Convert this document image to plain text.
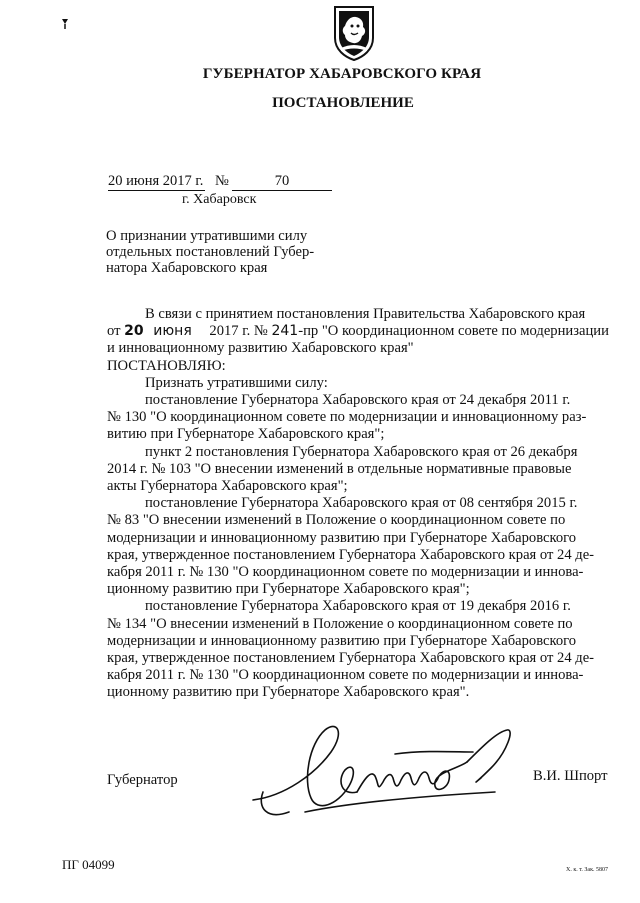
ГУБЕРНАТОР ХАБАРОВСКОГО КРАЯ
ПОСТАНОВЛЕНИЕ
20 июня 2017 г. №	70
г. Хабаровск
О признании утратившими силу
отдельных постановлений Губер-
натора Хабаровского края
В связи с принятием постановления Правительства Хабаровского края
от 20 июня 2017 г. № 241-пр "О координационном совете по модернизации
и инновационному развитию Хабаровского края"
ПОСТАНОВЛЯЮ:
Признать утратившими силу:
постановление Губернатора Хабаровского края от 24 декабря 2011 г.
№ 130 "О координационном совете по модернизации и инновационному раз-
витию при Губернаторе Хабаровского края";
пункт 2 постановления Губернатора Хабаровского края от 26 декабря
2014 г. № 103 "О внесении изменений в отдельные нормативные правовые
акты Губернатора Хабаровского края";
постановление Губернатора Хабаровского края от 08 сентября 2015 г.
№ 83 "О внесении изменений в Положение о координационном совете по
модернизации и инновационному развитию при Губернаторе Хабаровского
края, утвержденное постановлением Губернатора Хабаровского края от 24 де-
кабря 2011 г. № 130 "О координационном совете по модернизации и иннова-
ционному развитию при Губернаторе Хабаровского края";
постановление Губернатора Хабаровского края от 19 декабря 2016 г.
№ 134 "О внесении изменений в Положение о координационном совете по
модернизации и инновационному развитию при Губернаторе Хабаровского
края, утвержденное постановлением Губернатора Хабаровского края от 24 де-
кабря 2011 г. № 130 "О координационном совете по модернизации и иннова-
ционному развитию при Губернаторе Хабаровского края".
Губернатор	В.И. Шпорт
ПГ 04099	Х. к. т. Зак. 5807
